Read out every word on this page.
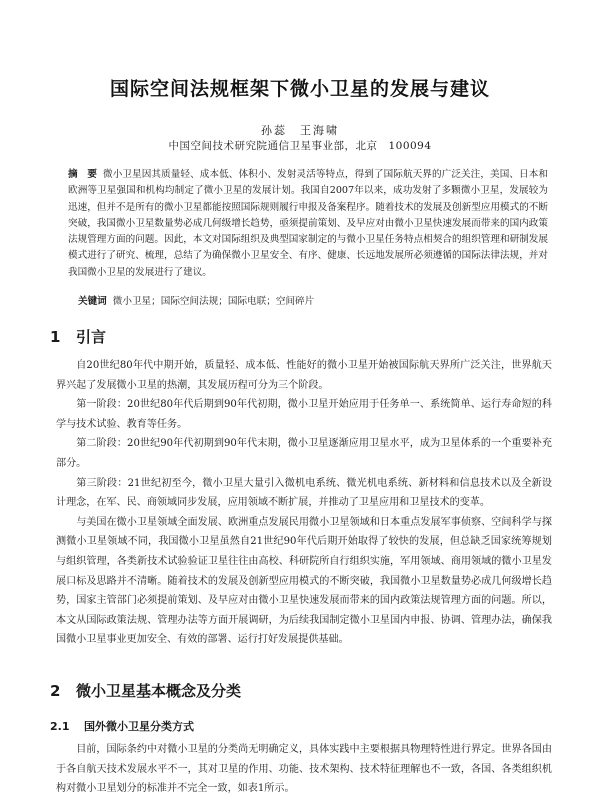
国际空间法规框架下微小卫星的发展与建议
孙蕊　王海啸
中国空间技术研究院通信卫星事业部，北京　100094
摘　要 微小卫星因其质量轻、成本低、体积小、发射灵活等特点，得到了国际航天界的广泛关注，美国、日本和欧洲等卫星强国和机构均制定了微小卫星的发展计划。我国自2007年以来，成功发射了多颗微小卫星，发展较为迅速，但并不是所有的微小卫星都能按照国际规则履行申报及备案程序。随着技术的发展及创新型应用模式的不断突破，我国微小卫星数量势必成几何级增长趋势，亟须提前策划、及早应对由微小卫星快速发展而带来的国内政策法规管理方面的问题。因此，本文对国际组织及典型国家制定的与微小卫星任务特点相契合的组织管理和研制发展模式进行了研究、梳理，总结了为确保微小卫星安全、有序、健康、长远地发展所必须遵循的国际法律法规，并对我国微小卫星的发展进行了建议。
关键词 微小卫星；国际空间法规；国际电联；空间碎片
1 引言

自20世纪80年代中期开始，质量轻、成本低、性能好的微小卫星开始被国际航天界所广泛关注，世界航天界兴起了发展微小卫星的热潮，其发展历程可分为三个阶段。

第一阶段：20世纪80年代后期到90年代初期，微小卫星开始应用于任务单一、系统简单、运行寿命短的科学与技术试验、教育等任务。

第二阶段：20世纪90年代初期到90年代末期，微小卫星逐渐应用卫星水平，成为卫星体系的一个重要补充部分。

第三阶段：21世纪初至今，微小卫星大量引入微机电系统、微光机电系统、新材料和信息技术以及全新设计理念，在军、民、商领域同步发展，应用领域不断扩展，并推动了卫星应用和卫星技术的变革。

与美国在微小卫星领域全面发展、欧洲重点发展民用微小卫星领域和日本重点发展军事侦察、空间科学与探测微小卫星领域不同，我国微小卫星虽然自21世纪90年代后期开始取得了较快的发展，但总缺乏国家统筹规划与组织管理，各类新技术试验验证卫星往往由高校、科研院所自行组织实施，军用领域、商用领域的微小卫星发展口标及思路并不清晰。随着技术的发展及创新型应用模式的不断突破，我国微小卫星数量势必成几何级增长趋势，国家主管部门必须提前策划、及早应对由微小卫星快速发展而带来的国内政策法规管理方面的问题。所以，本文从国际政策法规、管理办法等方面开展调研，为后续我国制定微小卫星国内申报、协调、管理办法，确保我国微小卫星事业更加安全、有效的部署、运行打好发展提供基础。

2 微小卫星基本概念及分类
2.1 国外微小卫星分类方式

目前，国际条约中对微小卫星的分类尚无明确定义，具体实践中主要根据具物理特性进行界定。世界各国由于各自航天技术发展水平不一，其对卫星的作用、功能、技术架构、技术特征理解也不一致，各国、各类组织机构对微小卫星划分的标准并不完全一致，如表1所示。
